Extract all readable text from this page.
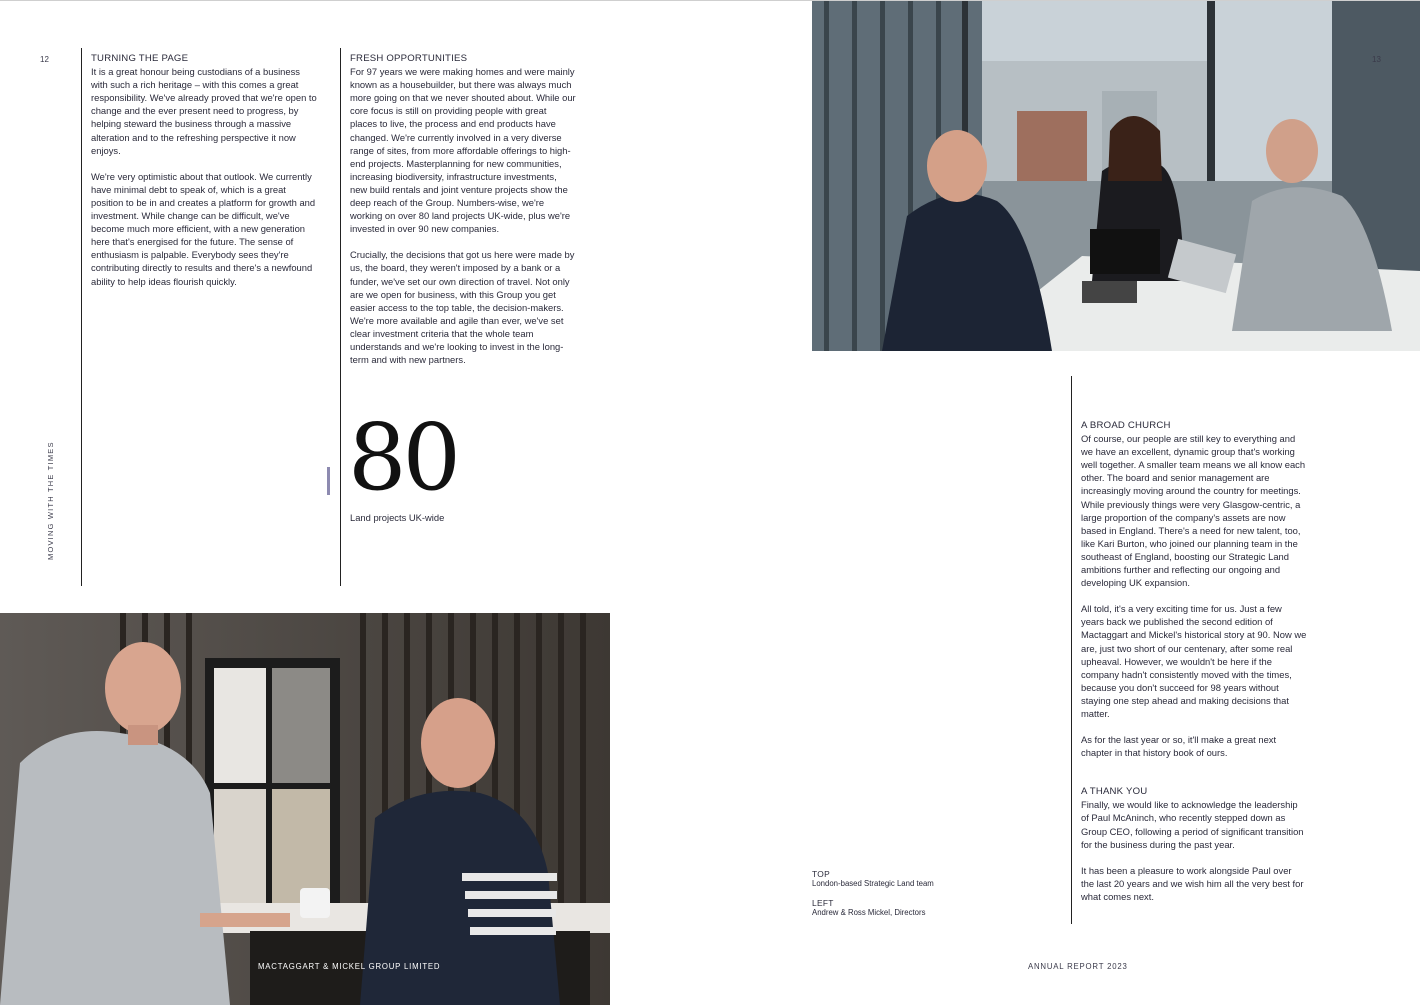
12
MOVING WITH THE TIMES
TURNING THE PAGE

It is a great honour being custodians of a business with such a rich heritage – with this comes a great responsibility. We've already proved that we're open to change and the ever present need to progress, by helping steward the business through a massive alteration and to the refreshing perspective it now enjoys.

We're very optimistic about that outlook. We currently have minimal debt to speak of, which is a great position to be in and creates a platform for growth and investment. While change can be difficult, we've become much more efficient, with a new generation here that's energised for the future. The sense of enthusiasm is palpable. Everybody sees they're contributing directly to results and there's a newfound ability to help ideas flourish quickly.

FRESH OPPORTUNITIES

For 97 years we were making homes and were mainly known as a housebuilder, but there was always much more going on that we never shouted about. While our core focus is still on providing people with great places to live, the process and end products have changed. We're currently involved in a very diverse range of sites, from more affordable offerings to high-end projects. Masterplanning for new communities, increasing biodiversity, infrastructure investments, new build rentals and joint venture projects show the deep reach of the Group. Numbers-wise, we're working on over 80 land projects UK-wide, plus we're invested in over 90 new companies.

Crucially, the decisions that got us here were made by us, the board, they weren't imposed by a bank or a funder, we've set our own direction of travel. Not only are we open for business, with this Group you get easier access to the top table, the decision-makers. We're more available and agile than ever, we've set clear investment criteria that the whole team understands and we're looking to invest in the long-term and with new partners.

80
Land projects UK-wide
MACTAGGART & MICKEL GROUP LIMITED
13
A BROAD CHURCH

Of course, our people are still key to everything and we have an excellent, dynamic group that's working well together. A smaller team means we all know each other. The board and senior management are increasingly moving around the country for meetings. While previously things were very Glasgow-centric, a large proportion of the company's assets are now based in England. There's a need for new talent, too, like Kari Burton, who joined our planning team in the southeast of England, boosting our Strategic Land ambitions further and reflecting our ongoing and developing UK expansion.

All told, it's a very exciting time for us. Just a few years back we published the second edition of Mactaggart and Mickel's historical story at 90. Now we are, just two short of our centenary, after some real upheaval. However, we wouldn't be here if the company hadn't consistently moved with the times, because you don't succeed for 98 years without staying one step ahead and making decisions that matter.

As for the last year or so, it'll make a great next chapter in that history book of ours.

A THANK YOU

Finally, we would like to acknowledge the leadership of Paul McAninch, who recently stepped down as Group CEO, following a period of significant transition for the business during the past year.

It has been a pleasure to work alongside Paul over the last 20 years and we wish him all the very best for what comes next.

TOP
London-based Strategic Land team
LEFT
Andrew & Ross Mickel, Directors
ANNUAL REPORT 2023
